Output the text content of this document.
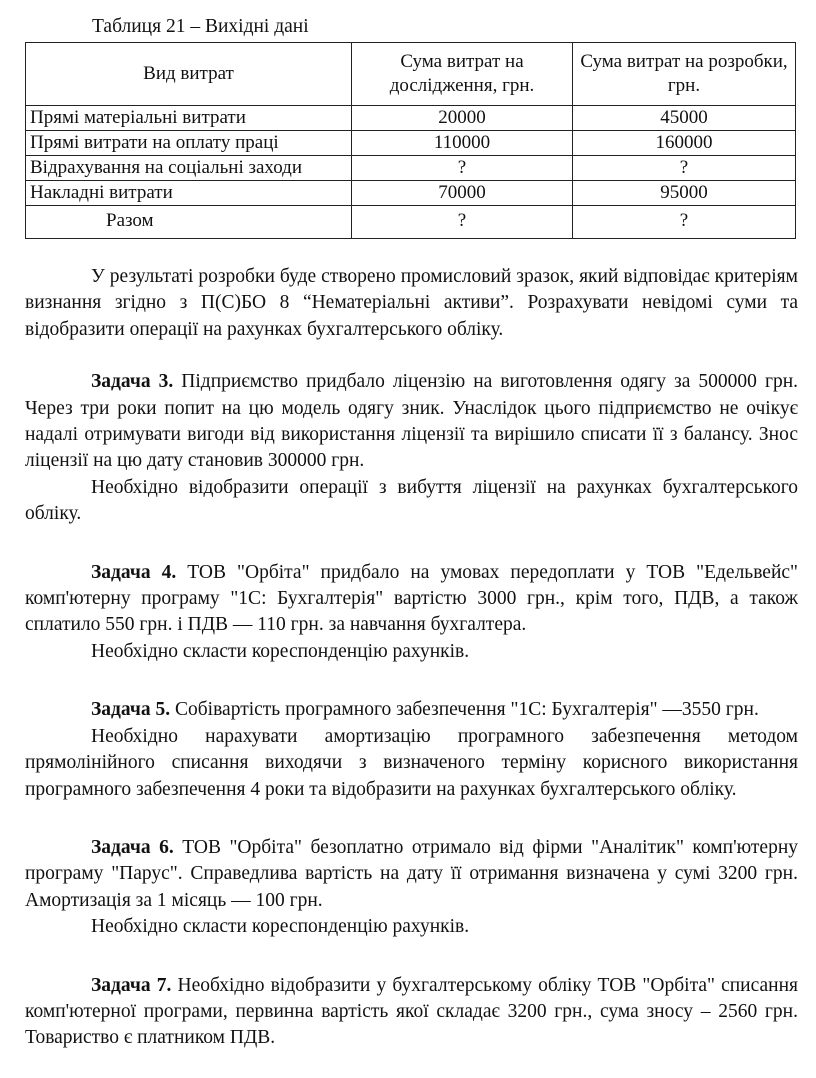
Таблиця 21 – Вихідні дані
Вид витрат	Сума витрат на дослідження, грн.	Сума витрат на розробки, грн.
Прямі матеріальні витрати	20000	45000
Прямі витрати на оплату праці	110000	160000
Відрахування на соціальні заходи	?	?
Накладні витрати	70000	95000
Разом	?	?

У результаті розробки буде створено промисловий зразок, який відповідає критеріям визнання згідно з П(С)БО 8 “Нематеріальні активи”. Розрахувати невідомі суми та відобразити операції на рахунках бухгалтерського обліку.

Задача 3. Підприємство придбало ліцензію на виготовлення одягу за 500000 грн. Через три роки попит на цю модель одягу зник. Унаслідок цього підприємство не очікує надалі отримувати вигоди від використання ліцензії та вирішило списати її з балансу. Знос ліцензії на цю дату становив 300000 грн.

Необхідно відобразити операції з вибуття ліцензії на рахунках бухгалтерського обліку.

Задача 4. ТОВ "Орбіта" придбало на умовах передоплати у ТОВ "Едельвейс" комп'ютерну програму "1С: Бухгалтерія" вартістю 3000 грн., крім того, ПДВ, а також сплатило 550 грн. і ПДВ — 110 грн. за навчання бухгалтера.

Необхідно скласти кореспонденцію рахунків.

Задача 5. Собівартість програмного забезпечення "1С: Бухгалтерія" —3550 грн.

Необхідно нарахувати амортизацію програмного забезпечення методом прямолінійного списання виходячи з визначеного терміну корисного використання програмного забезпечення 4 роки та відобразити на рахунках бухгалтерського обліку.

Задача 6. ТОВ "Орбіта" безоплатно отримало від фірми "Аналітик" комп'ютерну програму "Парус". Справедлива вартість на дату її отримання визначена у сумі 3200 грн. Амортизація за 1 місяць — 100 грн.

Необхідно скласти кореспонденцію рахунків.

Задача 7. Необхідно відобразити у бухгалтерському обліку ТОВ "Орбіта" списання комп'ютерної програми, первинна вартість якої складає 3200 грн., сума зносу – 2560 грн. Товариство є платником ПДВ.
